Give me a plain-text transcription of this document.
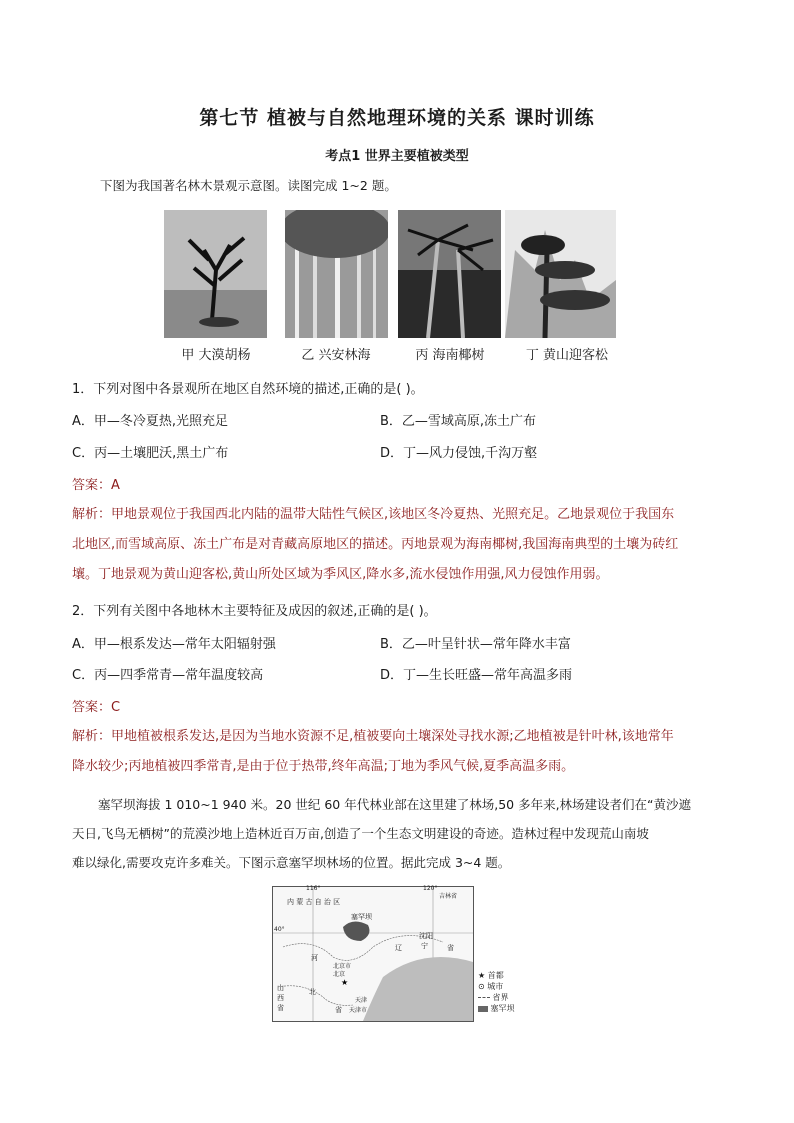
第七节 植被与自然地理环境的关系 课时训练
考点1 世界主要植被类型
下图为我国著名林木景观示意图。读图完成 1~2 题。
甲 大漠胡杨	乙 兴安林海	丙 海南椰树	丁 黄山迎客松
1．下列对图中各景观所在地区自然环境的描述,正确的是( )。
A．甲—冬冷夏热,光照充足	B．乙—雪域高原,冻土广布
C．丙—土壤肥沃,黑土广布	D．丁—风力侵蚀,千沟万壑
答案：A
解析：甲地景观位于我国西北内陆的温带大陆性气候区,该地区冬冷夏热、光照充足。乙地景观位于我国东
北地区,而雪域高原、冻土广布是对青藏高原地区的描述。丙地景观为海南椰树,我国海南典型的土壤为砖红
壤。丁地景观为黄山迎客松,黄山所处区域为季风区,降水多,流水侵蚀作用强,风力侵蚀作用弱。
2．下列有关图中各地林木主要特征及成因的叙述,正确的是( )。
A．甲—根系发达—常年太阳辐射强	B．乙—叶呈针状—常年降水丰富
C．丙—四季常青—常年温度较高	D．丁—生长旺盛—常年高温多雨
答案：C
解析：甲地植被根系发达,是因为当地水资源不足,植被要向土壤深处寻找水源;乙地植被是针叶林,该地常年
降水较少;丙地植被四季常青,是由于位于热带,终年高温;丁地为季风气候,夏季高温多雨。
塞罕坝海拔 1 010~1 940 米。20 世纪 60 年代林业部在这里建了林场,50 多年来,林场建设者们在“黄沙遮
天日,飞鸟无栖树”的荒漠沙地上造林近百万亩,创造了一个生态文明建设的奇迹。造林过程中发现荒山南坡
难以绿化,需要攻克许多难关。下图示意塞罕坝林场的位置。据此完成 3~4 题。
★
116°	120°
40°
内 蒙 古 自 治 区
吉林省
塞罕坝
沈阳
辽	宁	省
河
北
省
北京市
北京
天津
天津市
山
西
省
★ 首都
⊙ 城市
省界
塞罕坝
